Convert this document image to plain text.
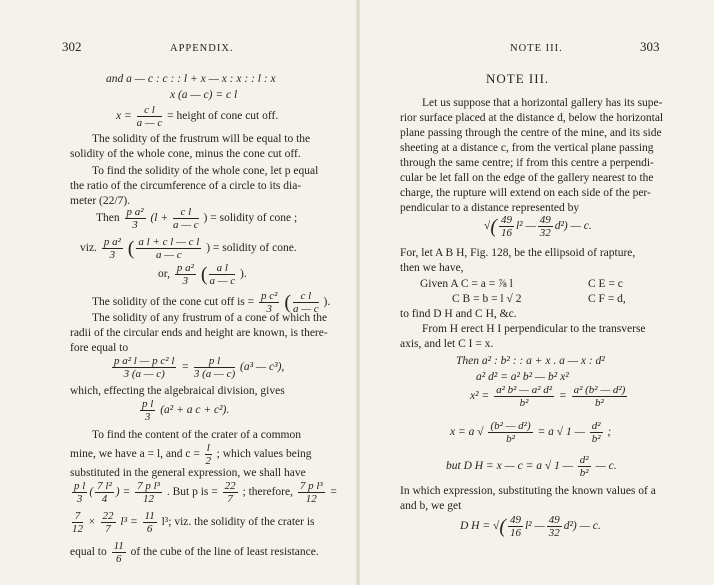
302	APPENDIX.
and a — c : c : : l + x — x : x : : l : x
x (a — c) = c l
$x = \frac{\text{c l}}{a — c}$ = height of cone cut off.
The solidity of the frustrum will be equal to the
solidity of the whole cone, minus the cone cut off.
To find the solidity of the whole cone, let p equal
the ratio of the circumference of a circle to its dia-
meter (22/7).
Then $\frac{\text{p a²}}{3} (l + \frac{\text{c l}}{a — c}$ ) = solidity of cone ;
viz. $\frac{\text{p a²}}{3}$ ( $\frac{\text{a l + c l — c l}}{a — c}$ ) = solidity of cone.
or, $\frac{\text{p a²}}{3}$ ( $\frac{\text{a l}}{a — c}$ ).
The solidity of the cone cut off is = $\frac{\text{p c²}}{3}$ ( $\frac{\text{c l}}{a — c}$ ).
The solidity of any frustrum of a cone of which the
radii of the circular ends and height are known, is there-
fore equal to
$\frac{\text{p a² l — p c² l}}{3 (a — c)} = \frac{\text{p l}}{3 (a — c)} (a^3$ — c³),
which, effecting the algebraical division, gives
$\frac{\text{p l}}{3} (a^2 + a$ c + c²).
To find the content of the crater of a common
mine, we have a = l, and $c = \frac{l}{2}$ ; which values being
substituted in the general expression, we shall have
$\frac{\text{p l}}{3}$ ( $\frac{\text{7 l²}}{4}$ ) = $\frac{\text{7 p l³}}{12}$ . But p is = $\frac{22}{7}$ ; therefore, $\frac{\text{7 p l³}}{12}$ =
$\frac{7}{12} \times \frac{22}{7} l^3 = \frac{11}{6} l^3$; viz. the solidity of the crater is
equal to $\frac{11}{6}$ of the cube of the line of least resistance.
NOTE III.	303
NOTE III.
Let us suppose that a horizontal gallery has its supe-
rior surface placed at the distance d, below the horizontal
plane passing through the centre of the mine, and its side
sheeting at a distance c, from the vertical plane passing
through the same centre; if from this centre a perpendi-
cular be let fall on the edge of the gallery nearest to the
charge, the rupture will extend on each side of the per-
pendicular to a distance represented by
√( $\frac{49}{16} l^2$ — $\frac{49}{32} d^2$) — c.
For, let A B H, Fig. 128, be the ellipsoid of rapture,
then we have,
Given A C = a = ⅞ l	C E = c
C B = b = l √ 2	C F = d,
to find D H and C H, &c.
From H erect H I perpendicular to the transverse
axis, and let C I = x.
Then a² : b² : : a + x . a — x : d²
a² d² = a² b² — b² x²
$x^2 = \frac{\text{a² b² — a² d²}}{\text{b²}} = \frac{\text{a² (b² — d²)}}{\text{b²}}$
x = a √ $\frac{\text{(b² — d²)}}{\text{b²}} = a$ √ 1 — $\frac{\text{d²}}{\text{b²}}$ ;
but D H = x — c = a √ 1 — $\frac{\text{d²}}{\text{b²}}$ — c.
In which expression, substituting the known values of a
and b, we get
D H = √( $\frac{49}{16} l^2$ — $\frac{49}{32} d^2$) — c.
